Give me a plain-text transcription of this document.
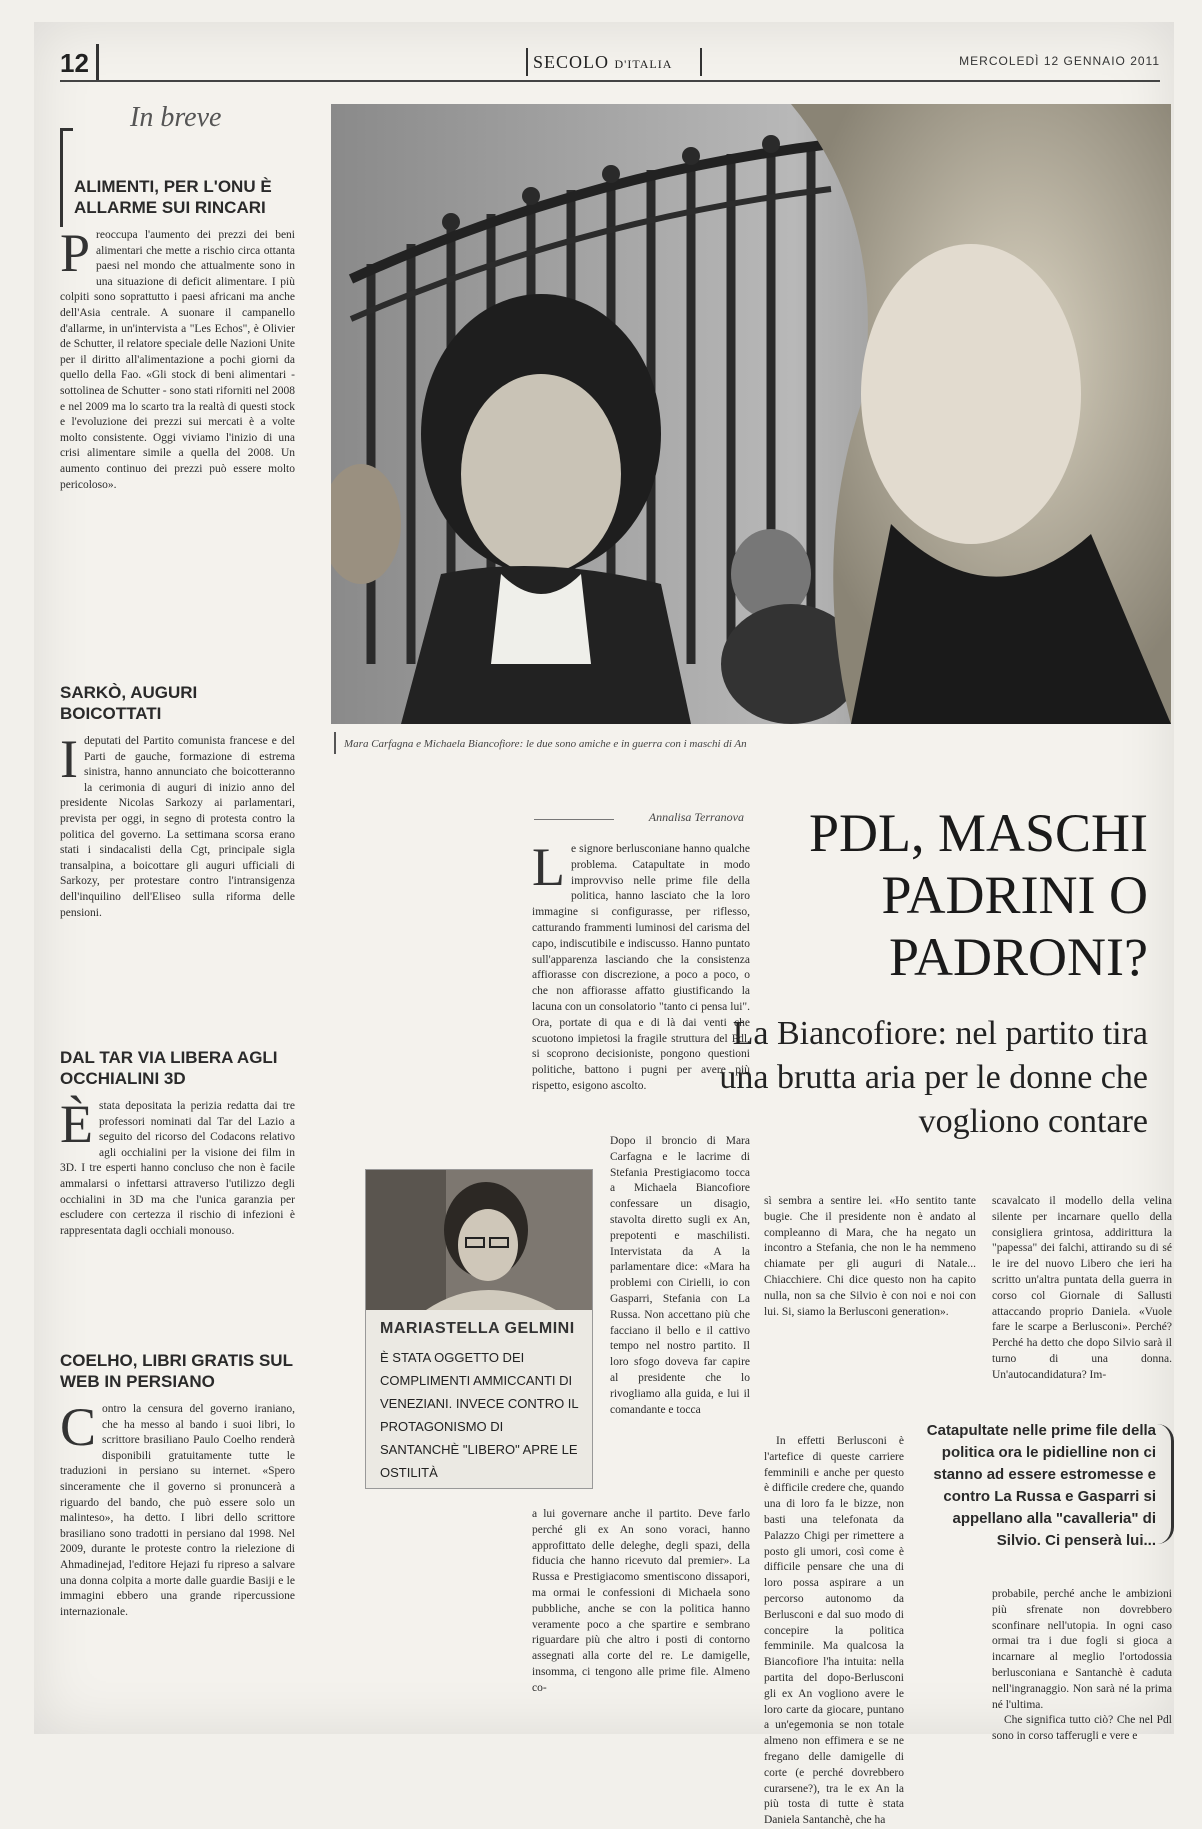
12	SECOLO D'ITALIA	MERCOLEDÌ 12 GENNAIO 2011
In breve
ALIMENTI, PER L'ONU È ALLARME SUI RINCARI

Preoccupa l'aumento dei prezzi dei beni alimentari che mette a rischio circa ottanta paesi nel mondo che attualmente sono in una situazione di deficit alimentare. I più colpiti sono soprattutto i paesi africani ma anche dell'Asia centrale. A suonare il campanello d'allarme, in un'intervista a "Les Echos", è Olivier de Schutter, il relatore speciale delle Nazioni Unite per il diritto all'alimentazione a pochi giorni da quello della Fao. «Gli stock di beni alimentari - sottolinea de Schutter - sono stati riforniti nel 2008 e nel 2009 ma lo scarto tra la realtà di questi stock e l'evoluzione dei prezzi sui mercati è a volte molto consistente. Oggi viviamo l'inizio di una crisi alimentare simile a quella del 2008. Un aumento continuo dei prezzi può essere molto pericoloso».

SARKÒ, AUGURI BOICOTTATI

I deputati del Partito comunista francese e del Parti de gauche, formazione di estrema sinistra, hanno annunciato che boicotteranno la cerimonia di auguri di inizio anno del presidente Nicolas Sarkozy ai parlamentari, prevista per oggi, in segno di protesta contro la politica del governo. La settimana scorsa erano stati i sindacalisti della Cgt, principale sigla transalpina, a boicottare gli auguri ufficiali di Sarkozy, per protestare contro l'intransigenza dell'inquilino dell'Eliseo sulla riforma delle pensioni.

DAL TAR VIA LIBERA AGLI OCCHIALINI 3D

È stata depositata la perizia redatta dai tre professori nominati dal Tar del Lazio a seguito del ricorso del Codacons relativo agli occhialini per la visione dei film in 3D. I tre esperti hanno concluso che non è facile ammalarsi o infettarsi attraverso l'utilizzo degli occhialini in 3D ma che l'unica garanzia per escludere con certezza il rischio di infezioni è rappresentata dagli occhiali monouso.

COELHO, LIBRI GRATIS SUL WEB IN PERSIANO

Contro la censura del governo iraniano, che ha messo al bando i suoi libri, lo scrittore brasiliano Paulo Coelho renderà disponibili gratuitamente tutte le traduzioni in persiano su internet. «Spero sinceramente che il governo si pronuncerà a riguardo del bando, che può essere solo un malinteso», ha detto. I libri dello scrittore brasiliano sono tradotti in persiano dal 1998. Nel 2009, durante le proteste contro la rielezione di Ahmadinejad, l'editore Hejazi fu ripreso a salvare una donna colpita a morte dalle guardie Basiji e le immagini ebbero una grande ripercussione internazionale.

Mara Carfagna e Michaela Biancofiore: le due sono amiche e in guerra con i maschi di An
Annalisa Terranova	PDL, MASCHI PADRINI O PADRONI?
La Biancofiore: nel partito tira una brutta aria per le donne che vogliono contare

Le signore berlusconiane hanno qualche problema. Catapultate in modo improvviso nelle prime file della politica, hanno lasciato che la loro immagine si configurasse, per riflesso, catturando frammenti luminosi del carisma del capo, indiscutibile e indiscusso. Hanno puntato sull'apparenza lasciando che la consistenza affiorasse con discrezione, a poco a poco, o che non affiorasse affatto giustificando la lacuna con un consolatorio "tanto ci pensa lui". Ora, portate di qua e di là dai venti che scuotono impietosi la fragile struttura del Pdl, si scoprono decisioniste, pongono questioni politiche, battono i pugni per avere più rispetto, esigono ascolto.

Dopo il broncio di Mara Carfagna e le lacrime di Stefania Prestigiacomo tocca a Michaela Biancofiore confessare un disagio, stavolta diretto sugli ex An, prepotenti e maschilisti. Intervistata da A la parlamentare dice: «Mara ha problemi con Cirielli, io con Gasparri, Stefania con La Russa. Non accettano più che facciano il bello e il cattivo tempo nel nostro partito. Il loro sfogo doveva far capire al presidente che lo rivogliamo alla guida, e lui il comandante e tocca

a lui governare anche il partito. Deve farlo perché gli ex An sono voraci, hanno approfittato delle deleghe, degli spazi, della fiducia che hanno ricevuto dal premier». La Russa e Prestigiacomo smentiscono dissapori, ma ormai le confessioni di Michaela sono pubbliche, anche se con la politica hanno veramente poco a che spartire e sembrano riguardare più che altro i posti di contorno assegnati alla corte del re. Le damigelle, insomma, ci tengono alle prime file. Almeno co-

MARIASTELLA GELMINI

È STATA OGGETTO DEI COMPLIMENTI AMMICCANTI DI VENEZIANI. INVECE CONTRO IL PROTAGONISMO DI SANTANCHÈ "LIBERO" APRE LE OSTILITÀ

sì sembra a sentire lei. «Ho sentito tante bugie. Che il presidente non è andato al compleanno di Mara, che ha negato un incontro a Stefania, che non le ha nemmeno chiamate per gli auguri di Natale... Chiacchiere. Chi dice questo non ha capito nulla, non sa che Silvio è con noi e noi con lui. Si, siamo la Berlusconi generation».

In effetti Berlusconi è l'artefice di queste carriere femminili e anche per questo è difficile credere che, quando una di loro fa le bizze, non basti una telefonata da Palazzo Chigi per rimettere a posto gli umori, così come è difficile pensare che una di loro possa aspirare a un percorso autonomo da Berlusconi e dal suo modo di concepire la politica femminile. Ma qualcosa la Biancofiore l'ha intuita: nella partita del dopo-Berlusconi gli ex An vogliono avere le loro carte da giocare, puntano a un'egemonia se non totale almeno non effimera e se ne fregano delle damigelle di corte (e perché dovrebbero curarsene?), tra le ex An la più tosta di tutte è stata Daniela Santanchè, che ha

scavalcato il modello della velina silente per incarnare quello della consigliera grintosa, addirittura la "papessa" dei falchi, attirando su di sé le ire del nuovo Libero che ieri ha scritto un'altra puntata della guerra in corso col Giornale di Sallusti attaccando proprio Daniela. «Vuole fare le scarpe a Berlusconi». Perché? Perché ha detto che dopo Silvio sarà il turno di una donna. Un'autocandidatura? Im-

probabile, perché anche le ambizioni più sfrenate non dovrebbero sconfinare nell'utopia. In ogni caso ormai tra i due fogli si gioca a incarnare al meglio l'ortodossia berlusconiana e Santanchè è caduta nell'ingranaggio. Non sarà né la prima né l'ultima.

Che significa tutto ciò? Che nel Pdl sono in corso tafferugli e vere e

Catapultate nelle prime file della politica ora le pidielline non ci stanno ad essere estromesse e contro La Russa e Gasparri si appellano alla "cavalleria" di Silvio. Ci penserà lui...
